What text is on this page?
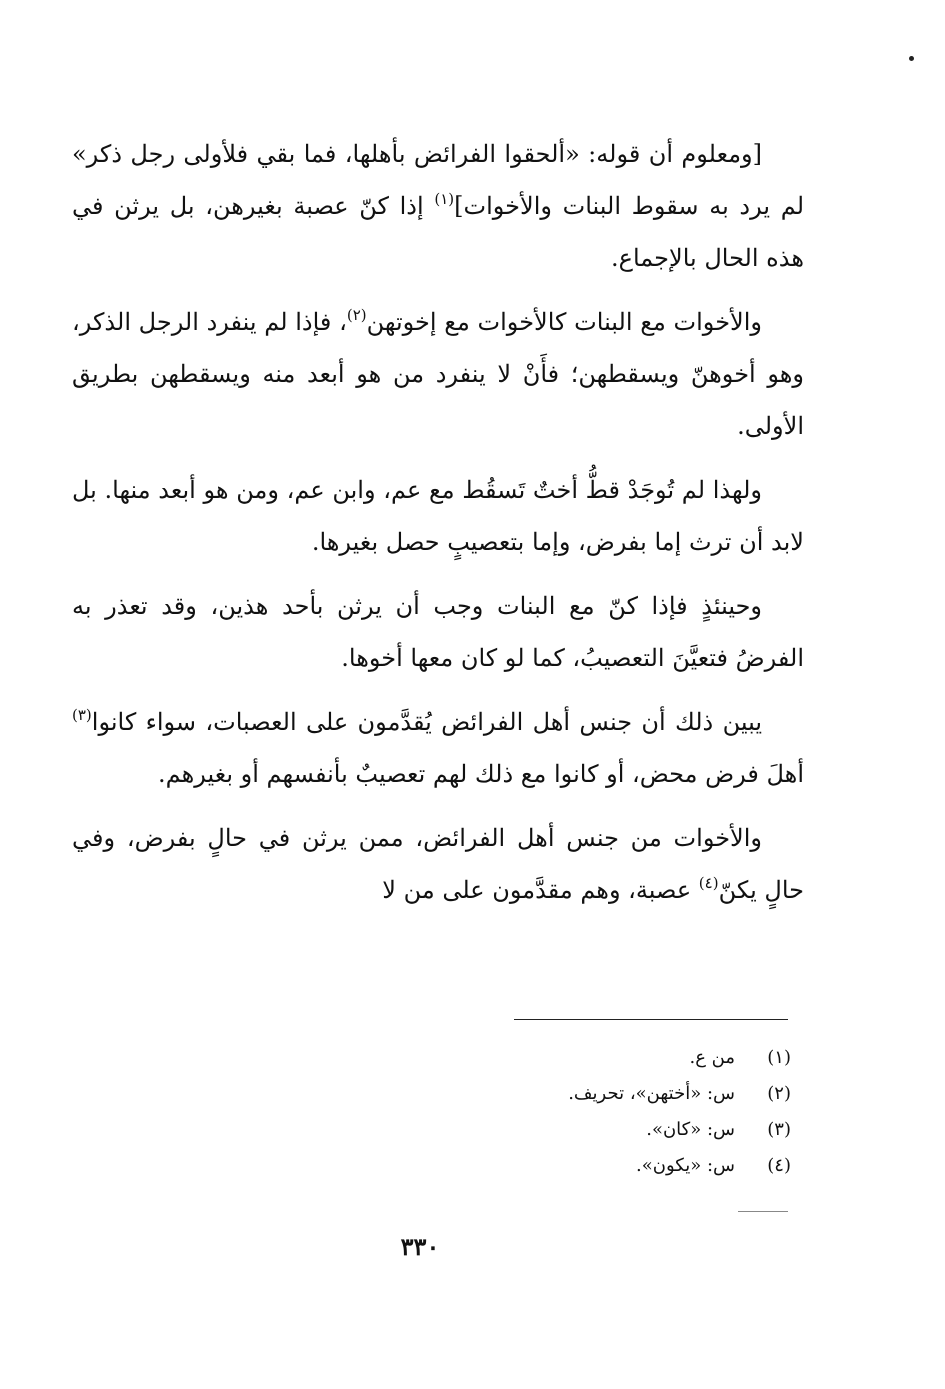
[ومعلوم أن قوله: «ألحقوا الفرائض بأهلها، فما بقي فلأولى رجل ذكر» لم يرد به سقوط البنات والأخوات]$^{(١)}$ إذا كنّ عصبة بغيرهن، بل يرثن في هذه الحال بالإجماع.

والأخوات مع البنات كالأخوات مع إخوتهن$^{(٢)}$، فإذا لم ينفرد الرجل الذكر، وهو أخوهنّ ويسقطهن؛ فأَنْ لا ينفرد من هو أبعد منه ويسقطهن بطريق الأولى.

ولهذا لم تُوجَدْ قطُّ أختٌ تَسقُط مع عم، وابن عم، ومن هو أبعد منها. بل لابد أن ترث إما بفرض، وإما بتعصيبٍ حصل بغيرها.

وحينئذٍ فإذا كنّ مع البنات وجب أن يرثن بأحد هذين، وقد تعذر به الفرضُ فتعيَّنَ التعصيبُ، كما لو كان معها أخوها.

يبين ذلك أن جنس أهل الفرائض يُقدَّمون على العصبات، سواء كانوا$^{(٣)}$ أهلَ فرض محض، أو كانوا مع ذلك لهم تعصيبٌ بأنفسهم أو بغيرهم.

والأخوات من جنس أهل الفرائض، ممن يرثن في حالٍ بفرض، وفي حالٍ يكنّ$^{(٤)}$ عصبة، وهم مقدَّمون على من لا

(١)من ع.
(٢)س: «أختهن»، تحريف.
(٣)س: «كان».
(٤)س: «يكون».
٣٣٠
